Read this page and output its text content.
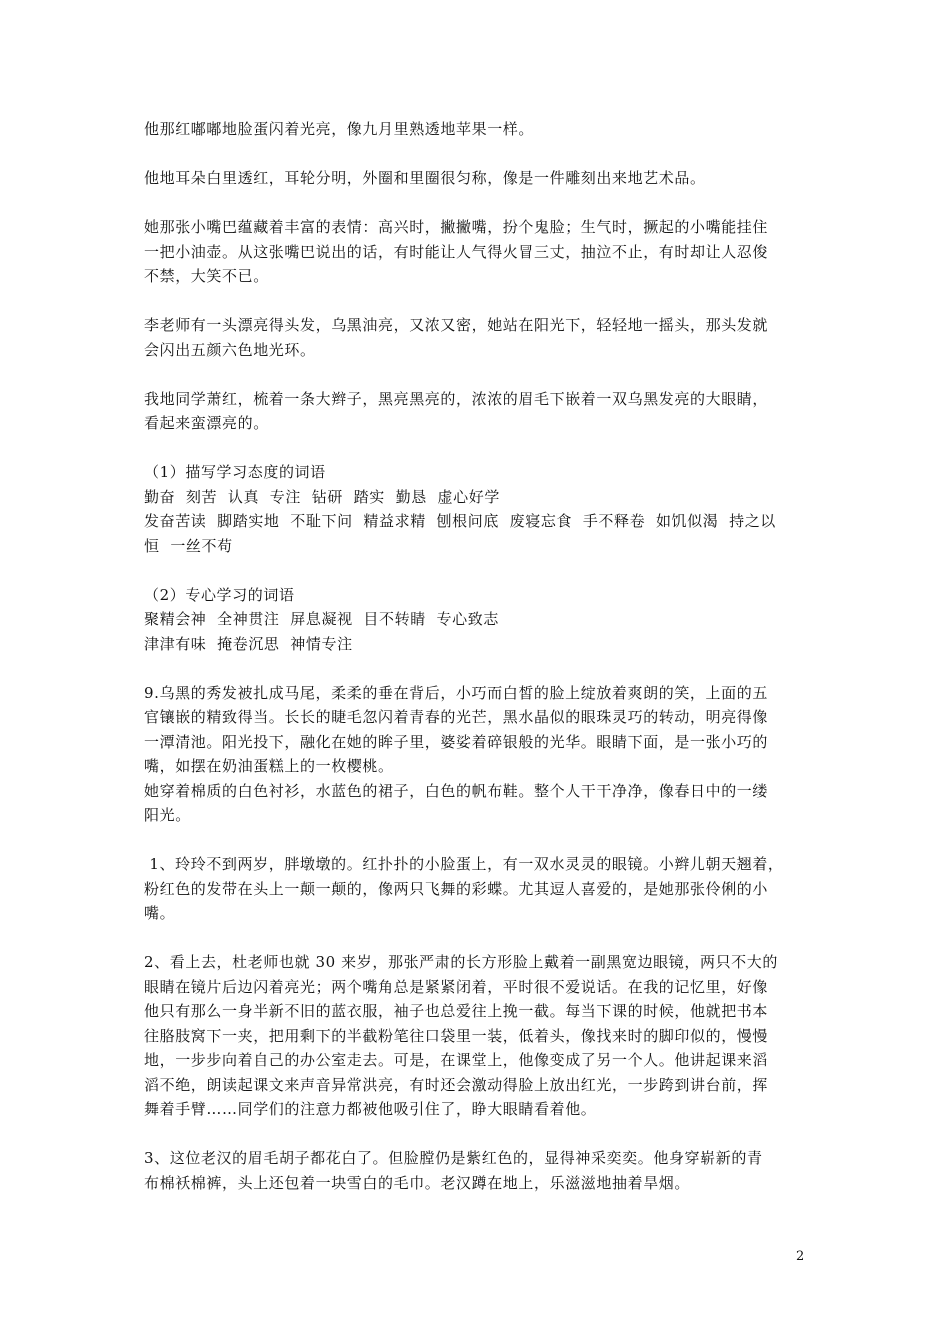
他那红嘟嘟地脸蛋闪着光亮，像九月里熟透地苹果一样。
他地耳朵白里透红，耳轮分明，外圈和里圈很匀称，像是一件雕刻出来地艺术品。
她那张小嘴巴蕴藏着丰富的表情：高兴时，撇撇嘴，扮个鬼脸；生气时，撅起的小嘴能挂住
一把小油壶。从这张嘴巴说出的话，有时能让人气得火冒三丈，抽泣不止，有时却让人忍俊
不禁，大笑不已。
李老师有一头漂亮得头发，乌黑油亮，又浓又密，她站在阳光下，轻轻地一摇头，那头发就
会闪出五颜六色地光环。
我地同学萧红，梳着一条大辫子，黑亮黑亮的，浓浓的眉毛下嵌着一双乌黑发亮的大眼睛，
看起来蛮漂亮的。
（1）描写学习态度的词语
勤奋  刻苦  认真  专注  钻研  踏实  勤恳  虚心好学
发奋苦读  脚踏实地  不耻下问  精益求精  刨根问底  废寝忘食  手不释卷  如饥似渴  持之以
恒  一丝不苟
（2）专心学习的词语
聚精会神  全神贯注  屏息凝视  目不转睛  专心致志
津津有味  掩卷沉思  神情专注
9.乌黑的秀发被扎成马尾，柔柔的垂在背后，小巧而白皙的脸上绽放着爽朗的笑，上面的五
官镶嵌的精致得当。长长的睫毛忽闪着青春的光芒，黑水晶似的眼珠灵巧的转动，明亮得像
一潭清池。阳光投下，融化在她的眸子里，婆娑着碎银般的光华。眼睛下面，是一张小巧的
嘴，如摆在奶油蛋糕上的一枚樱桃。
她穿着棉质的白色衬衫，水蓝色的裙子，白色的帆布鞋。整个人干干净净，像春日中的一缕
阳光。
1、玲玲不到两岁，胖墩墩的。红扑扑的小脸蛋上，有一双水灵灵的眼镜。小辫儿朝天翘着，
粉红色的发带在头上一颠一颠的，像两只飞舞的彩蝶。尤其逗人喜爱的，是她那张伶俐的小
嘴。
2、看上去，杜老师也就 30 来岁，那张严肃的长方形脸上戴着一副黑宽边眼镜，两只不大的
眼睛在镜片后边闪着亮光；两个嘴角总是紧紧闭着，平时很不爱说话。在我的记忆里，好像
他只有那么一身半新不旧的蓝衣服，袖子也总爱往上挽一截。每当下课的时候，他就把书本
往胳肢窝下一夹，把用剩下的半截粉笔往口袋里一装，低着头，像找来时的脚印似的，慢慢
地，一步步向着自己的办公室走去。可是，在课堂上，他像变成了另一个人。他讲起课来滔
滔不绝，朗读起课文来声音异常洪亮，有时还会激动得脸上放出红光，一步跨到讲台前，挥
舞着手臂……同学们的注意力都被他吸引住了，睁大眼睛看着他。
3、这位老汉的眉毛胡子都花白了。但脸膛仍是紫红色的，显得神采奕奕。他身穿崭新的青
布棉袄棉裤，头上还包着一块雪白的毛巾。老汉蹲在地上，乐滋滋地抽着旱烟。
2
